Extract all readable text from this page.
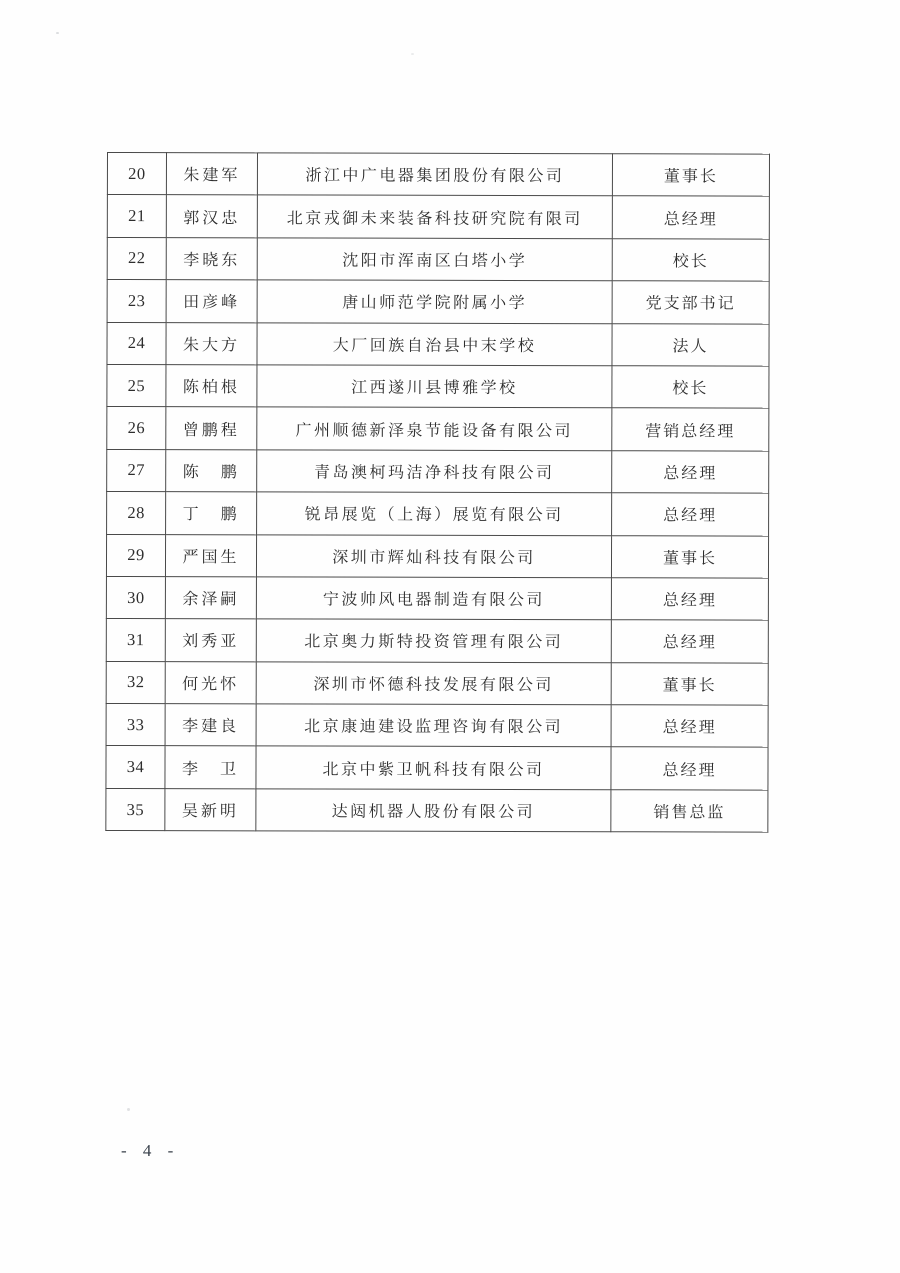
20	朱建军	浙江中广电器集团股份有限公司	董事长
21	郭汉忠	北京戎御未来装备科技研究院有限司	总经理
22	李晓东	沈阳市浑南区白塔小学	校长
23	田彦峰	唐山师范学院附属小学	党支部书记
24	朱大方	大厂回族自治县中末学校	法人
25	陈柏根	江西遂川县博雅学校	校长
26	曾鹏程	广州顺德新泽泉节能设备有限公司	营销总经理
27	陈　鹏	青岛澳柯玛洁净科技有限公司	总经理
28	丁　鹏	锐昂展览（上海）展览有限公司	总经理
29	严国生	深圳市辉灿科技有限公司	董事长
30	余泽嗣	宁波帅风电器制造有限公司	总经理
31	刘秀亚	北京奥力斯特投资管理有限公司	总经理
32	何光怀	深圳市怀德科技发展有限公司	董事长
33	李建良	北京康迪建设监理咨询有限公司	总经理
34	李　卫	北京中紫卫帆科技有限公司	总经理
35	吴新明	达闼机器人股份有限公司	销售总监
- 4 -
